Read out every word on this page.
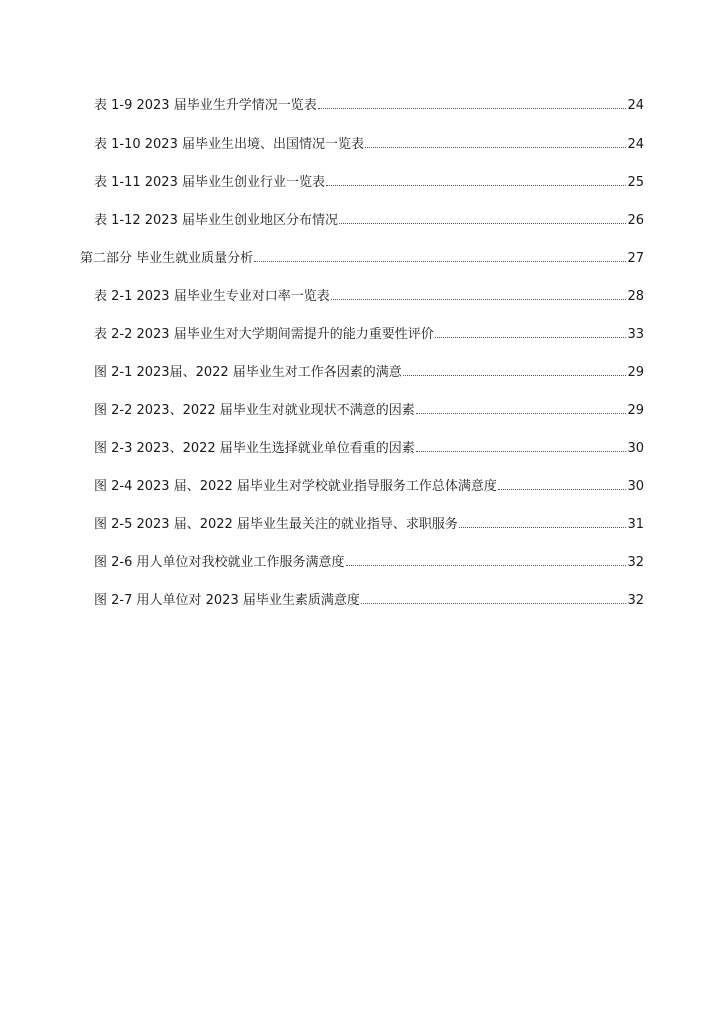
表 1-9 2023 届毕业生升学情况一览表	24
表 1-10 2023 届毕业生出境、出国情况一览表	24
表 1-11 2023 届毕业生创业行业一览表	25
表 1-12 2023 届毕业生创业地区分布情况	26
第二部分 毕业生就业质量分析	27
表 2-1 2023 届毕业生专业对口率一览表	28
表 2-2 2023 届毕业生对大学期间需提升的能力重要性评价	33
图 2-1 2023届、2022 届毕业生对工作各因素的满意	29
图 2-2 2023、2022 届毕业生对就业现状不满意的因素	29
图 2-3 2023、2022 届毕业生选择就业单位看重的因素	30
图 2-4 2023 届、2022 届毕业生对学校就业指导服务工作总体满意度	30
图 2-5 2023 届、2022 届毕业生最关注的就业指导、求职服务	31
图 2-6 用人单位对我校就业工作服务满意度	32
图 2-7 用人单位对 2023 届毕业生素质满意度	32
